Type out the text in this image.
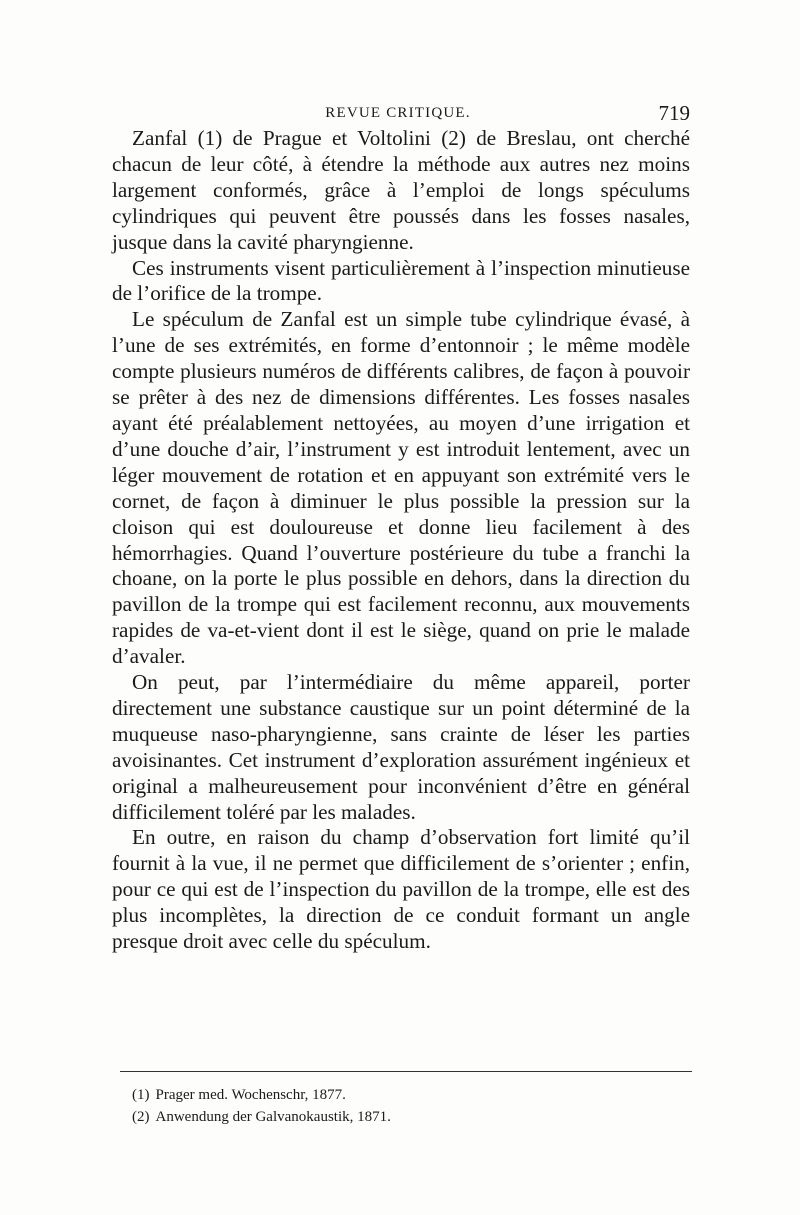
REVUE CRITIQUE.	719

Zanfal (1) de Prague et Voltolini (2) de Breslau, ont cherché chacun de leur côté, à étendre la méthode aux autres nez moins largement conformés, grâce à l’emploi de longs spéculums cylindriques qui peuvent être poussés dans les fosses nasales, jusque dans la cavité pharyngienne.

Ces instruments visent particulièrement à l’inspection minutieuse de l’orifice de la trompe.

Le spéculum de Zanfal est un simple tube cylindrique évasé, à l’une de ses extrémités, en forme d’entonnoir ; le même modèle compte plusieurs numéros de différents calibres, de façon à pouvoir se prêter à des nez de dimensions différentes. Les fosses nasales ayant été préalablement nettoyées, au moyen d’une irrigation et d’une douche d’air, l’instrument y est introduit lentement, avec un léger mouvement de rotation et en appuyant son extrémité vers le cornet, de façon à diminuer le plus possible la pression sur la cloison qui est douloureuse et donne lieu facilement à des hémorrhagies. Quand l’ouverture postérieure du tube a franchi la choane, on la porte le plus possible en dehors, dans la direction du pavillon de la trompe qui est facilement reconnu, aux mouvements rapides de va-et-vient dont il est le siège, quand on prie le malade d’avaler.

On peut, par l’intermédiaire du même appareil, porter directement une substance caustique sur un point déterminé de la muqueuse naso-pharyngienne, sans crainte de léser les parties avoisinantes. Cet instrument d’exploration assurément ingénieux et original a malheureusement pour inconvénient d’être en général difficilement toléré par les malades.

En outre, en raison du champ d’observation fort limité qu’il fournit à la vue, il ne permet que difficilement de s’orienter ; enfin, pour ce qui est de l’inspection du pavillon de la trompe, elle est des plus incomplètes, la direction de ce conduit formant un angle presque droit avec celle du spéculum.

(1) Prager med. Wochenschr, 1877.

(2) Anwendung der Galvanokaustik, 1871.
